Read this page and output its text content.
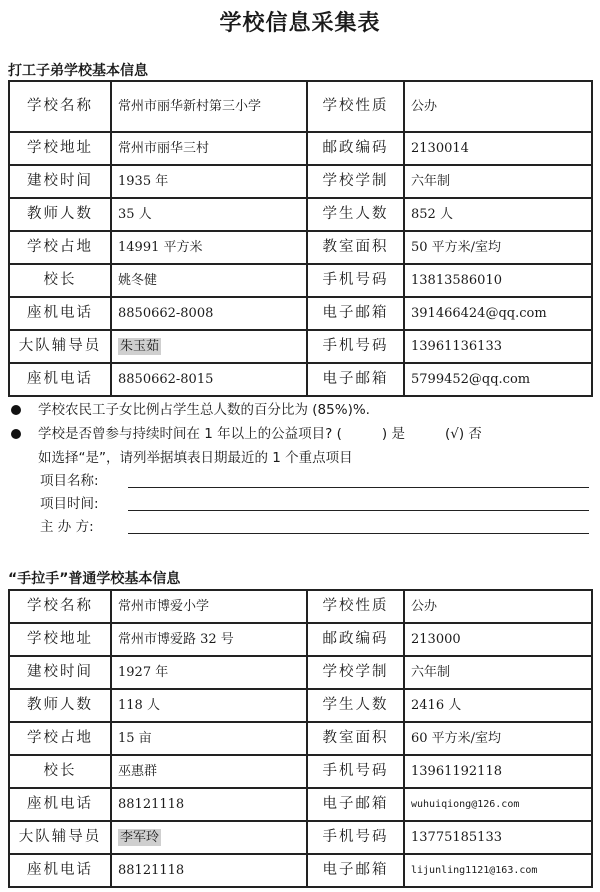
学校信息采集表
打工子弟学校基本信息
学校名称	常州市丽华新村第三小学	学校性质	公办
学校地址	常州市丽华三村	邮政编码	2130014
建校时间	1935 年	学校学制	六年制
教师人数	35 人	学生人数	852 人
学校占地	14991 平方米	教室面积	50 平方米/室均
校长	姚冬健	手机号码	13813586010
座机电话	8850662-8008	电子邮箱	391466424@qq.com
大队辅导员	朱玉茹	手机号码	13961136133
座机电话	8850662-8015	电子邮箱	5799452@qq.com
学校农民工子女比例占学生总人数的百分比为 (85%)%.
学校是否曾参与持续时间在 1 年以上的公益项目? (	) 是	(√) 否
如选择“是”，请列举据填表日期最近的 1 个重点项目
项目名称:
项目时间:
主 办 方:
“手拉手”普通学校基本信息
学校名称	常州市博爱小学	学校性质	公办
学校地址	常州市博爱路 32 号	邮政编码	213000
建校时间	1927 年	学校学制	六年制
教师人数	118 人	学生人数	2416 人
学校占地	15 亩	教室面积	60 平方米/室均
校长	巫惠群	手机号码	13961192118
座机电话	88121118	电子邮箱	wuhuiqiong@126.com
大队辅导员	李军玲	手机号码	13775185133
座机电话	88121118	电子邮箱	lijunling1121@163.com
